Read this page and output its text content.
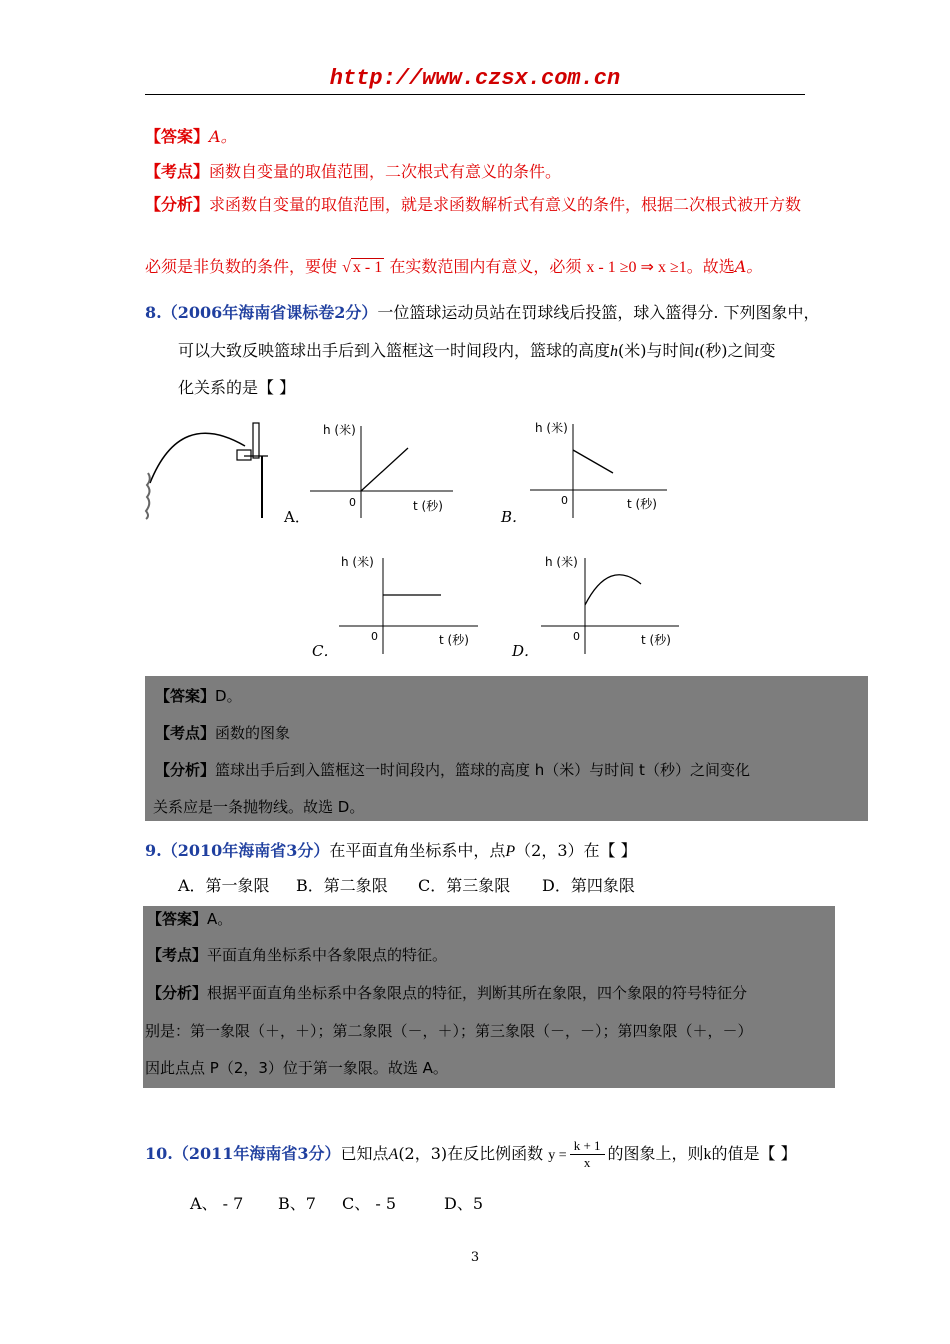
http://www.czsx.com.cn
【答案】A。
【考点】函数自变量的取值范围，二次根式有意义的条件。
【分析】求函数自变量的取值范围，就是求函数解析式有意义的条件，根据二次根式被开方数
必须是非负数的条件，要使 √ x - 1 在实数范围内有意义，必须 x - 1 ≥0 ⇒ x ≥1。故选A。
8.（2006年海南省课标卷2分）一位篮球运动员站在罚球线后投篮，球入篮得分. 下列图象中，
可以大致反映篮球出手后到入篮框这一时间段内，篮球的高度h(米)与时间t(秒)之间变
化关系的是【 】
h (米)
0	t (秒)
A．
h (米)
0	t (秒)
B．
h (米)
0	t (秒)
C．
h (米)
0	t (秒)
D．
【答案】D。
【考点】函数的图象
【分析】篮球出手后到入篮框这一时间段内，篮球的高度 h（米）与时间 t（秒）之间变化
关系应是一条抛物线。故选 D。
9.（2010年海南省3分）在平面直角坐标系中，点P（2，3）在【 】
A．第一象限 B．第二象限 C．第三象限 D．第四象限
【答案】A。
【考点】平面直角坐标系中各象限点的特征。
【分析】根据平面直角坐标系中各象限点的特征，判断其所在象限，四个象限的符号特征分
别是：第一象限（＋，＋）；第二象限（－，＋）；第三象限（－，－）；第四象限（＋，－）
因此点点 P（2，3）位于第一象限。故选 A。
10.（2011年海南省3分）已知点A(2，3)在反比例函数 $y = \frac{k + 1}{x}$ 的图象上，则k的值是【 】
A、 - 7 B、7 C、 - 5	D、5
3
